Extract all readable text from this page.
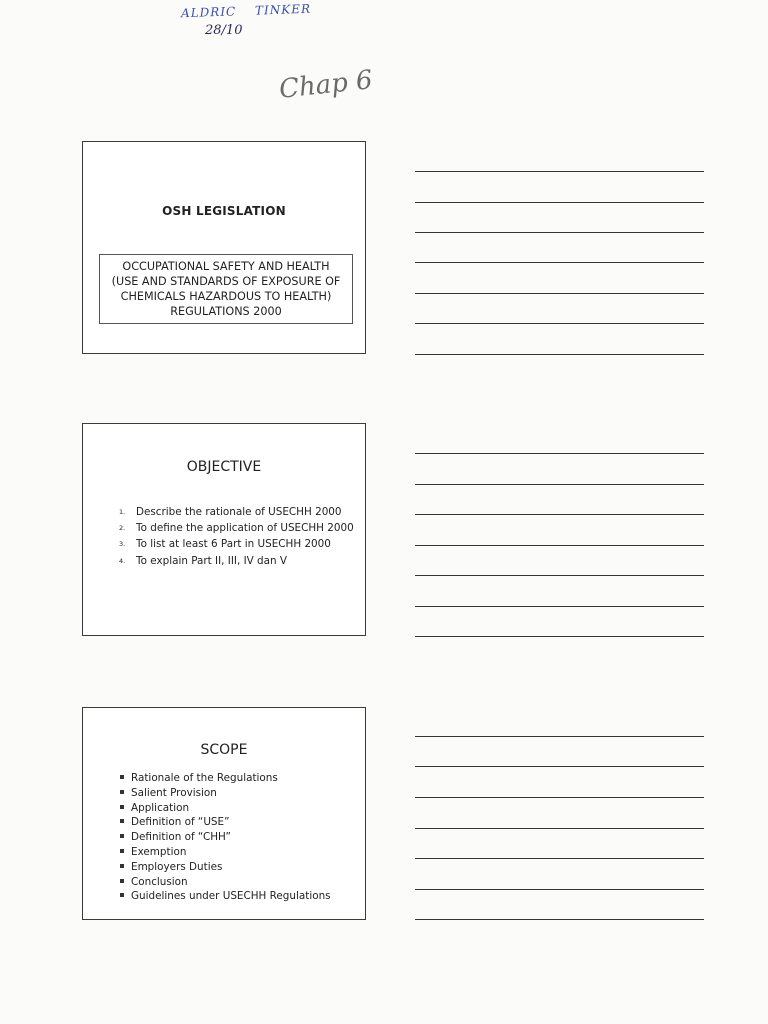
ALDRIC TINKER
28/10
Chap 6
OSH LEGISLATION
OCCUPATIONAL SAFETY AND HEALTH
(USE AND STANDARDS OF EXPOSURE OF
CHEMICALS HAZARDOUS TO HEALTH)
REGULATIONS 2000
OBJECTIVE
1. Describe the rationale of USECHH 2000
2. To define the application of USECHH 2000
3. To list at least 6 Part in USECHH 2000
4. To explain Part II, III, IV dan V
SCOPE
Rationale of the Regulations
Salient Provision
Application
Definition of “USE”
Definition of “CHH”
Exemption
Employers Duties
Conclusion
Guidelines under USECHH Regulations
